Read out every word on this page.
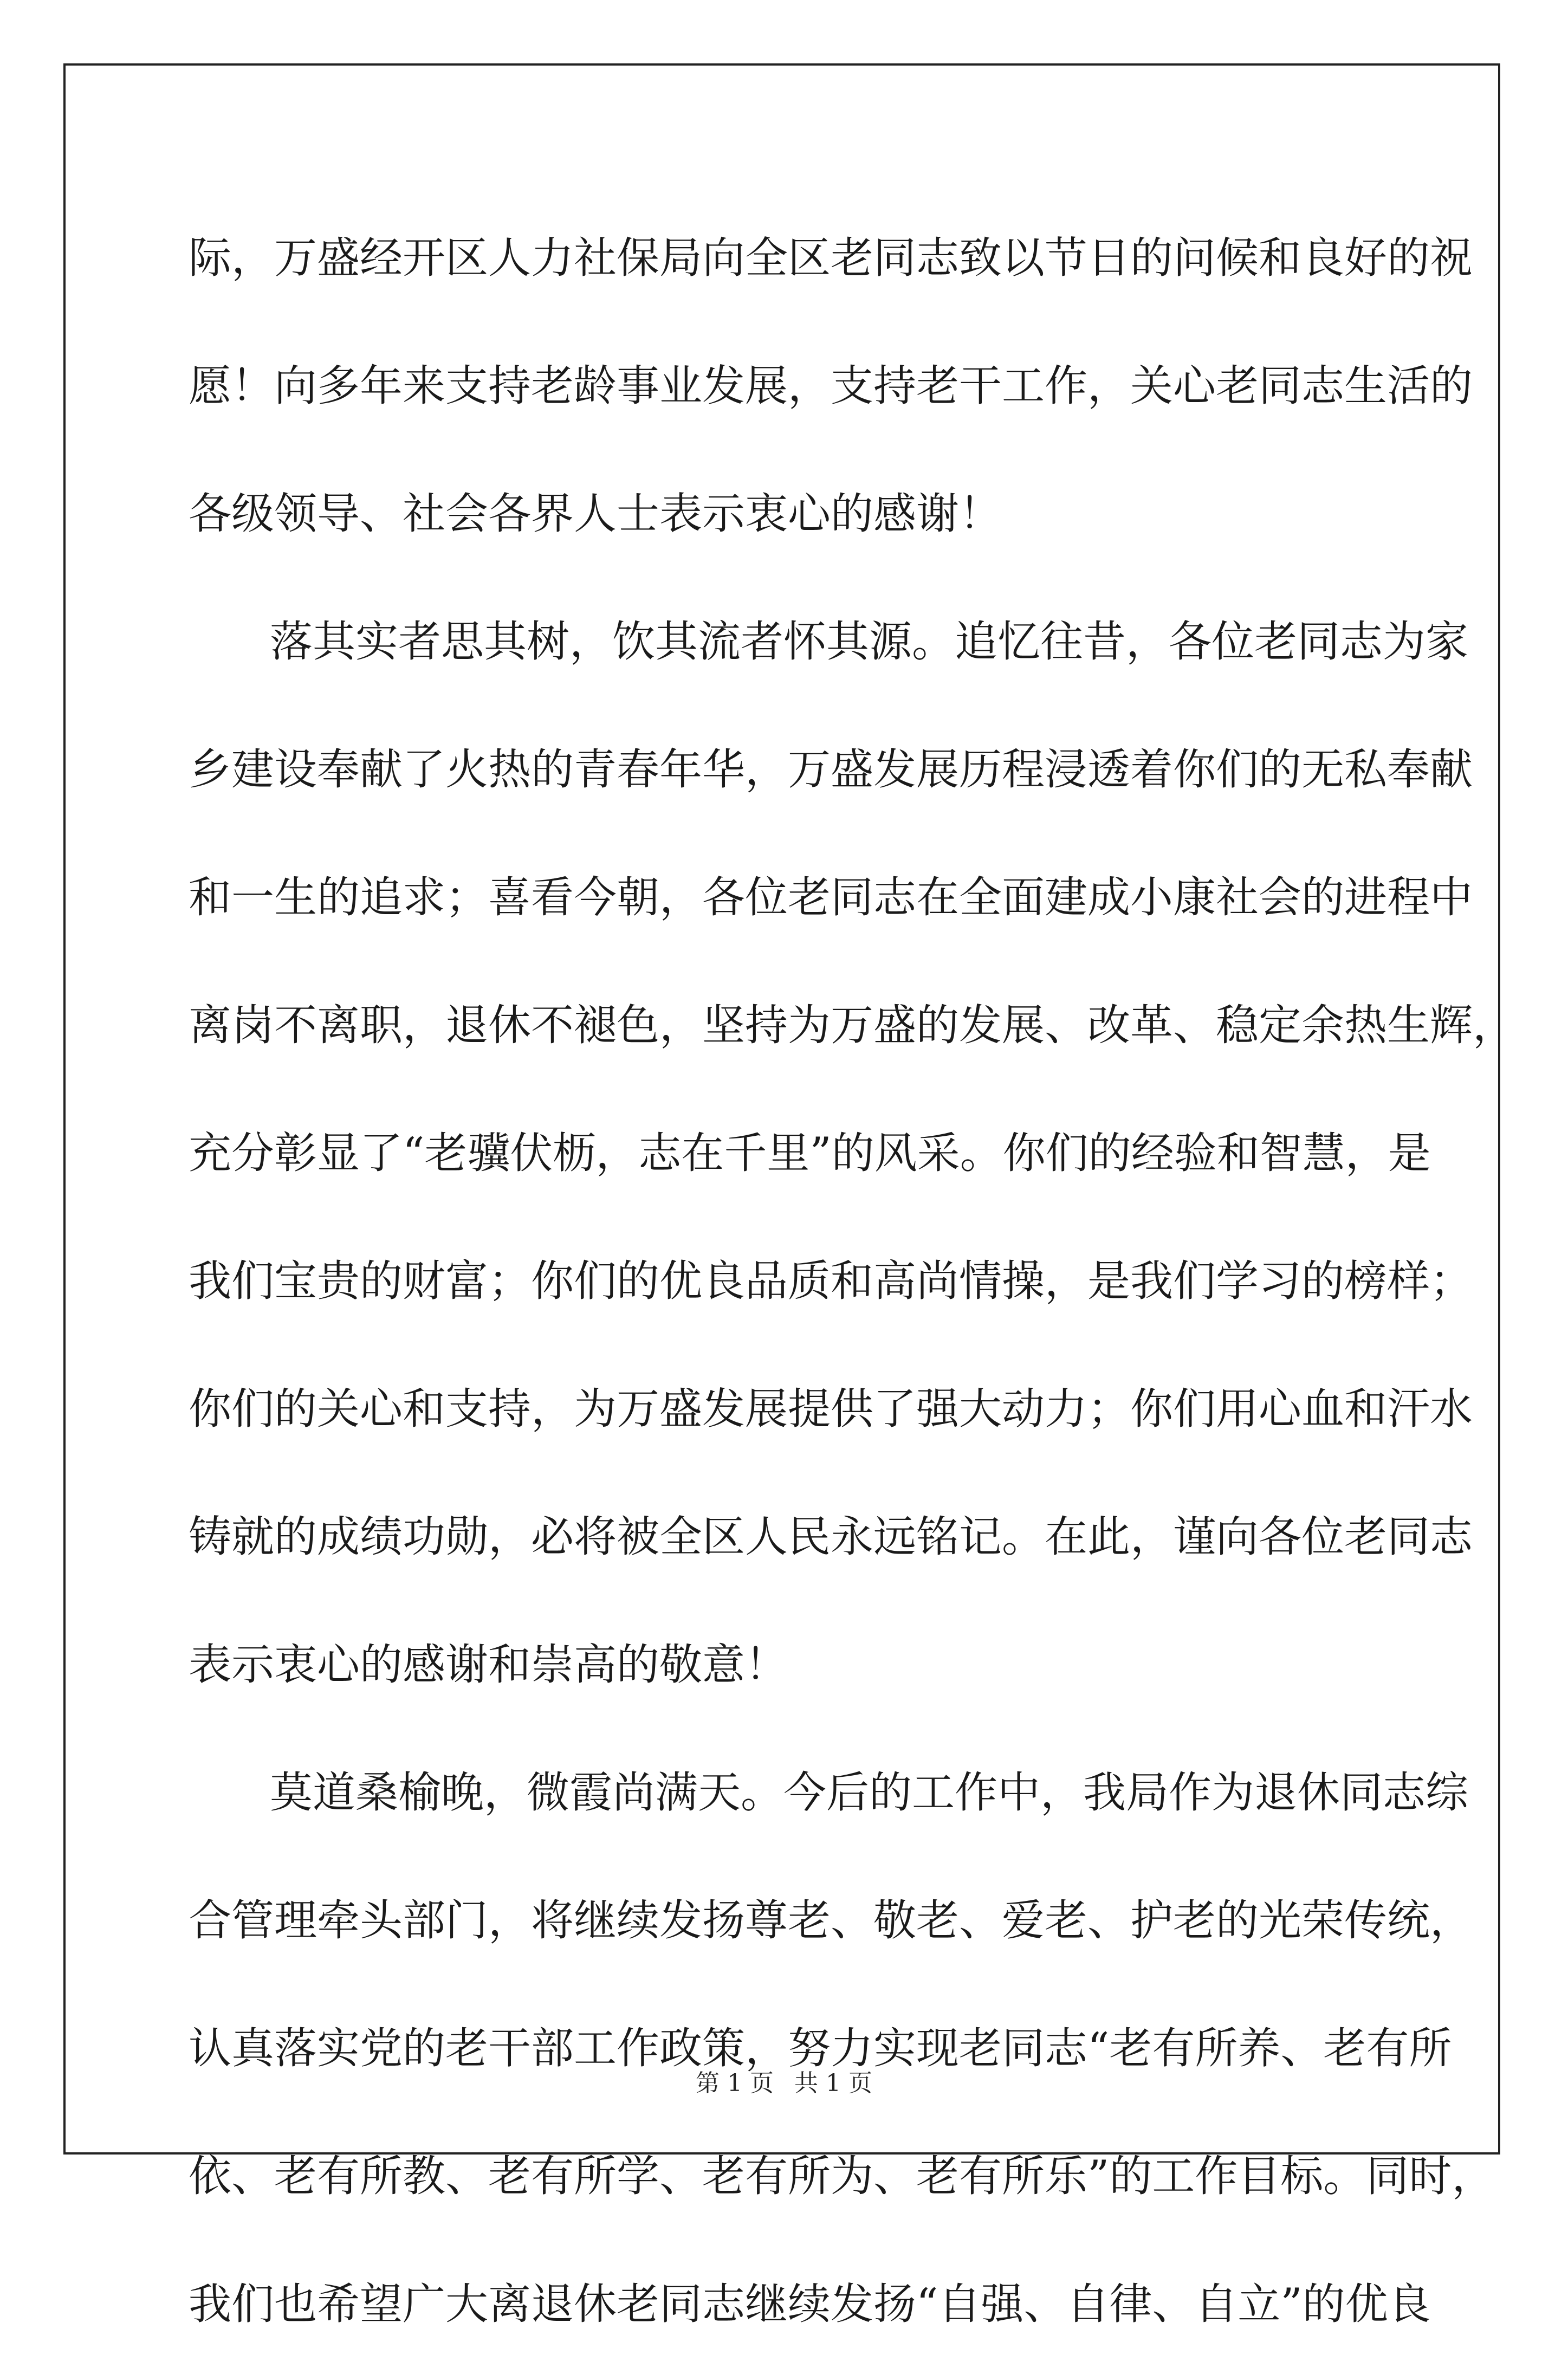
际，万盛经开区人力社保局向全区老同志致以节日的问候和良好的祝

愿！向多年来支持老龄事业发展，支持老干工作，关心老同志生活的

各级领导、社会各界人士表示衷心的感谢！

落其实者思其树，饮其流者怀其源。追忆往昔，各位老同志为家

乡建设奉献了火热的青春年华，万盛发展历程浸透着你们的无私奉献

和一生的追求；喜看今朝，各位老同志在全面建成小康社会的进程中

离岗不离职，退休不褪色，坚持为万盛的发展、改革、稳定余热生辉，

充分彰显了“老骥伏枥，志在千里”的风采。你们的经验和智慧，是

我们宝贵的财富；你们的优良品质和高尚情操，是我们学习的榜样；

你们的关心和支持，为万盛发展提供了强大动力；你们用心血和汗水

铸就的成绩功勋，必将被全区人民永远铭记。在此，谨向各位老同志

表示衷心的感谢和崇高的敬意！

莫道桑榆晚，微霞尚满天。今后的工作中，我局作为退休同志综

合管理牵头部门，将继续发扬尊老、敬老、爱老、护老的光荣传统，

认真落实党的老干部工作政策，努力实现老同志“老有所养、老有所

依、老有所教、老有所学、老有所为、老有所乐”的工作目标。同时，

我们也希望广大离退休老同志继续发扬“自强、自律、自立”的优良

第 1 页 共 1 页
